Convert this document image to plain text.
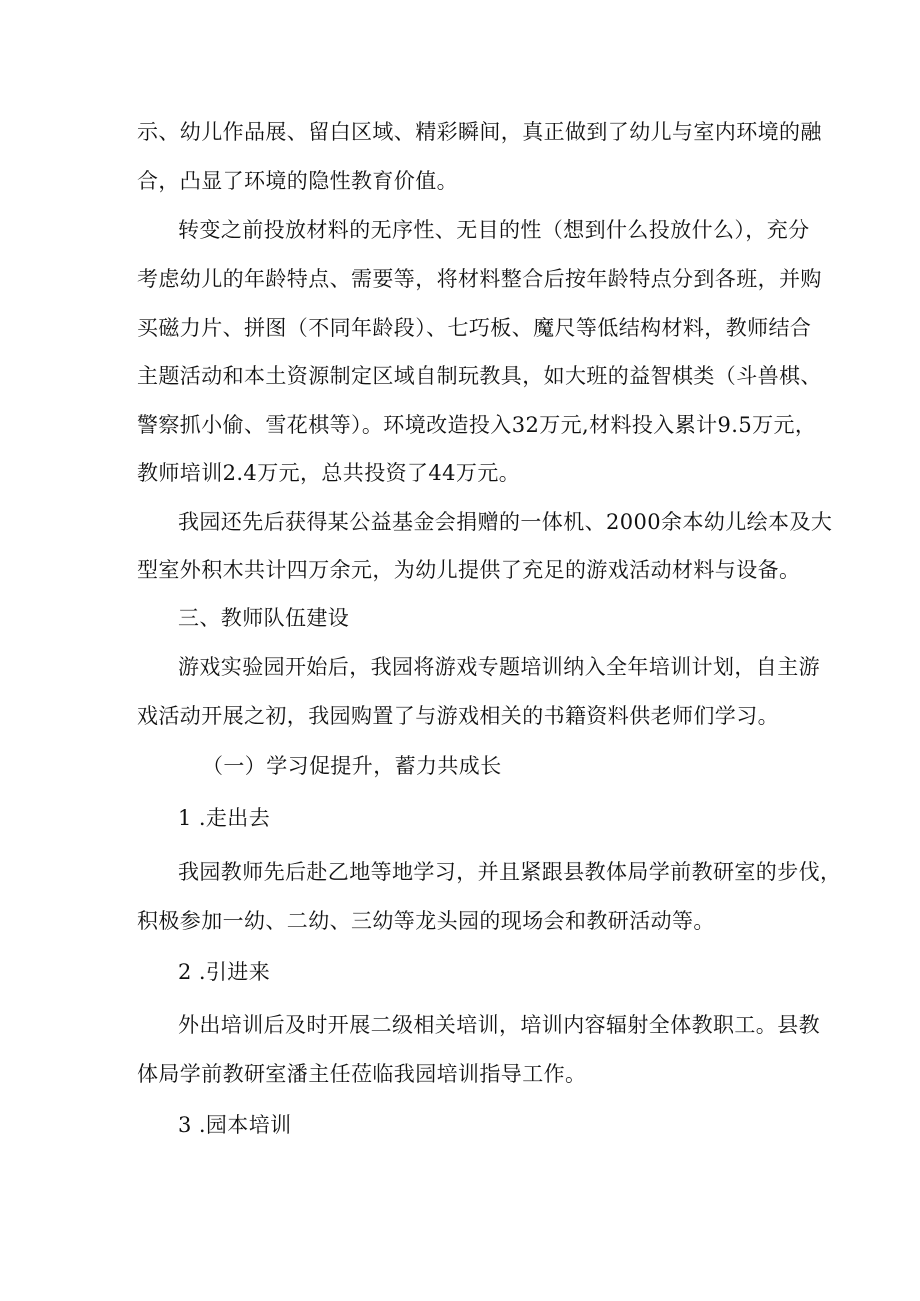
示、幼儿作品展、留白区域、精彩瞬间，真正做到了幼儿与室内环境的融
合，凸显了环境的隐性教育价值。
转变之前投放材料的无序性、无目的性（想到什么投放什么），充分
考虑幼儿的年龄特点、需要等，将材料整合后按年龄特点分到各班，并购
买磁力片、拼图（不同年龄段）、七巧板、魔尺等低结构材料，教师结合
主题活动和本土资源制定区域自制玩教具，如大班的益智棋类（斗兽棋、
警察抓小偷、雪花棋等）。环境改造投入32万元,材料投入累计9.5万元，
教师培训2.4万元，总共投资了44万元。
我园还先后获得某公益基金会捐赠的一体机、2000余本幼儿绘本及大
型室外积木共计四万余元，为幼儿提供了充足的游戏活动材料与设备。
三、教师队伍建设
游戏实验园开始后，我园将游戏专题培训纳入全年培训计划，自主游
戏活动开展之初，我园购置了与游戏相关的书籍资料供老师们学习。
（一）学习促提升，蓄力共成长
1 .走出去
我园教师先后赴乙地等地学习，并且紧跟县教体局学前教研室的步伐，
积极参加一幼、二幼、三幼等龙头园的现场会和教研活动等。
2 .引进来
外出培训后及时开展二级相关培训，培训内容辐射全体教职工。县教
体局学前教研室潘主任莅临我园培训指导工作。
3 .园本培训
